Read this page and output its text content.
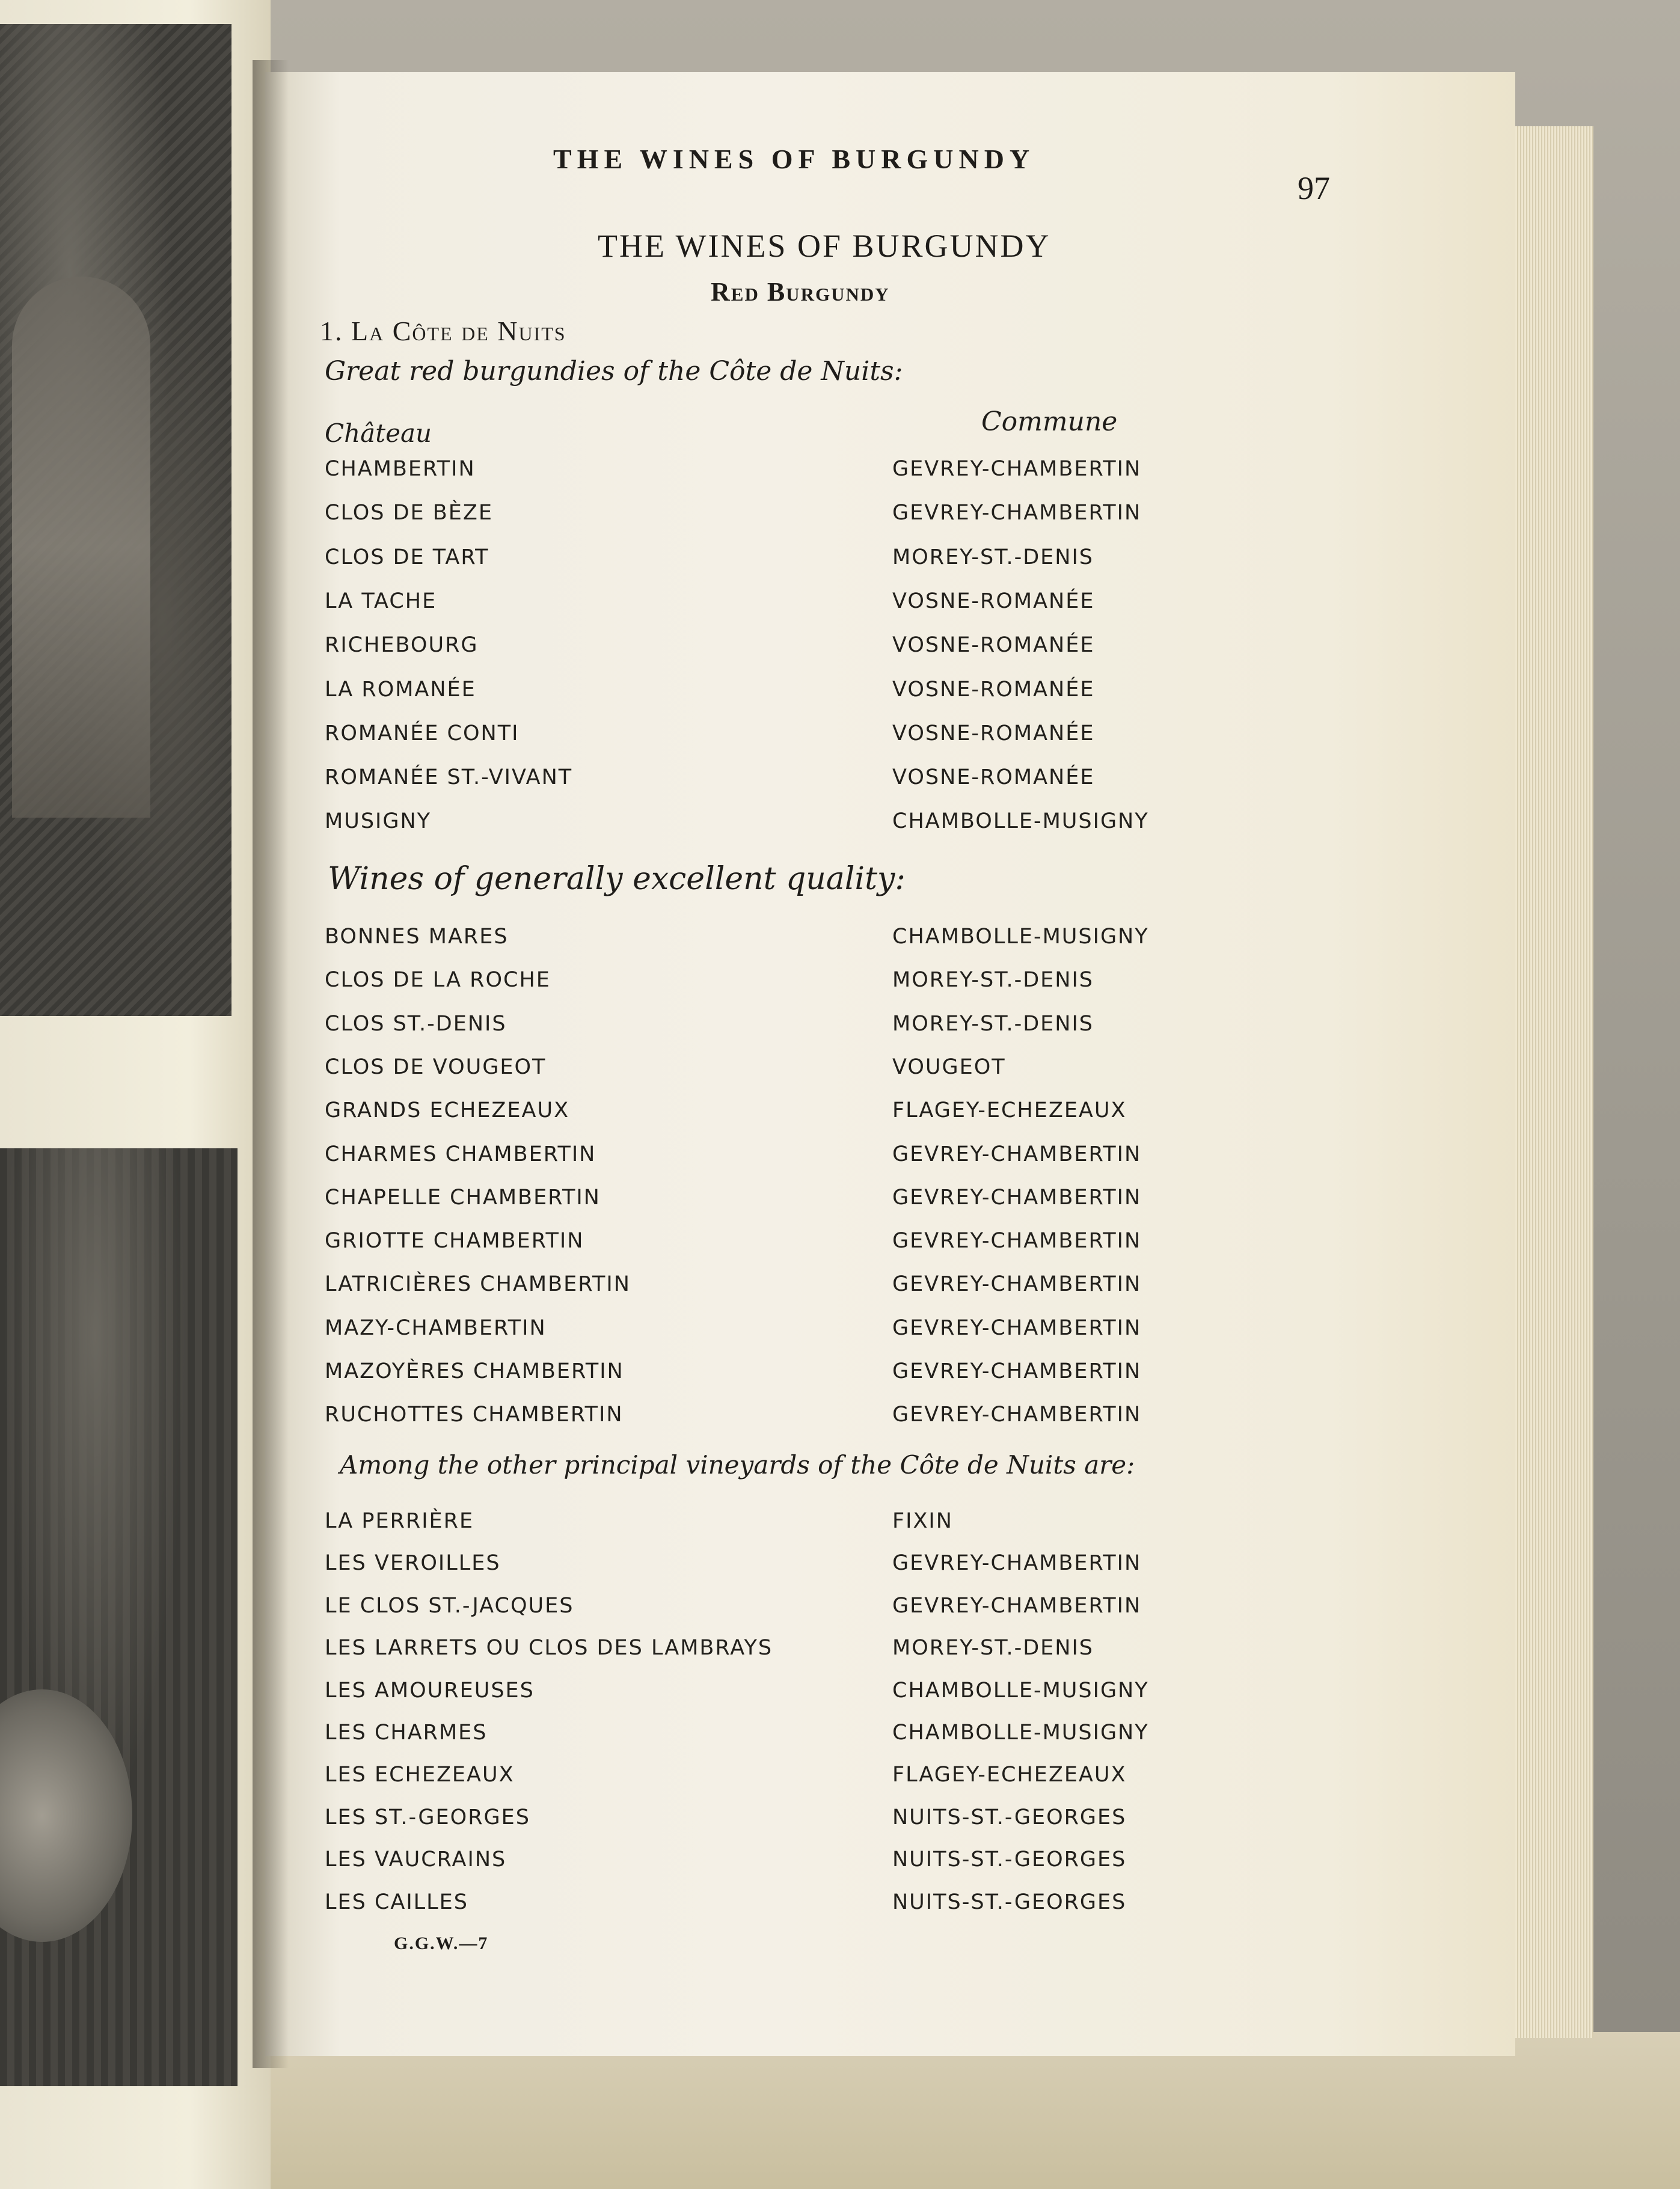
THE WINES OF BURGUNDY
97
THE WINES OF BURGUNDY
Red Burgundy
1. La Côte de Nuits
Great red burgundies of the Côte de Nuits:
Château	Commune
Wines of generally excellent quality:
Among the other principal vineyards of the Côte de Nuits are:
CHAMBERTIN	GEVREY-CHAMBERTIN
CLOS DE BÈZE	GEVREY-CHAMBERTIN
CLOS DE TART	MOREY-ST.-DENIS
LA TACHE	VOSNE-ROMANÉE
RICHEBOURG	VOSNE-ROMANÉE
LA ROMANÉE	VOSNE-ROMANÉE
ROMANÉE CONTI	VOSNE-ROMANÉE
ROMANÉE ST.-VIVANT	VOSNE-ROMANÉE
MUSIGNY	CHAMBOLLE-MUSIGNY
BONNES MARES	CHAMBOLLE-MUSIGNY
CLOS DE LA ROCHE	MOREY-ST.-DENIS
CLOS ST.-DENIS	MOREY-ST.-DENIS
CLOS DE VOUGEOT	VOUGEOT
GRANDS ECHEZEAUX	FLAGEY-ECHEZEAUX
CHARMES CHAMBERTIN	GEVREY-CHAMBERTIN
CHAPELLE CHAMBERTIN	GEVREY-CHAMBERTIN
GRIOTTE CHAMBERTIN	GEVREY-CHAMBERTIN
LATRICIÈRES CHAMBERTIN	GEVREY-CHAMBERTIN
MAZY-CHAMBERTIN	GEVREY-CHAMBERTIN
MAZOYÈRES CHAMBERTIN	GEVREY-CHAMBERTIN
RUCHOTTES CHAMBERTIN	GEVREY-CHAMBERTIN
LA PERRIÈRE	FIXIN
LES VEROILLES	GEVREY-CHAMBERTIN
LE CLOS ST.-JACQUES	GEVREY-CHAMBERTIN
LES LARRETS OU CLOS DES LAMBRAYS	MOREY-ST.-DENIS
LES AMOUREUSES	CHAMBOLLE-MUSIGNY
LES CHARMES	CHAMBOLLE-MUSIGNY
LES ECHEZEAUX	FLAGEY-ECHEZEAUX
LES ST.-GEORGES	NUITS-ST.-GEORGES
LES VAUCRAINS	NUITS-ST.-GEORGES
LES CAILLES	NUITS-ST.-GEORGES
G.G.W.—7
